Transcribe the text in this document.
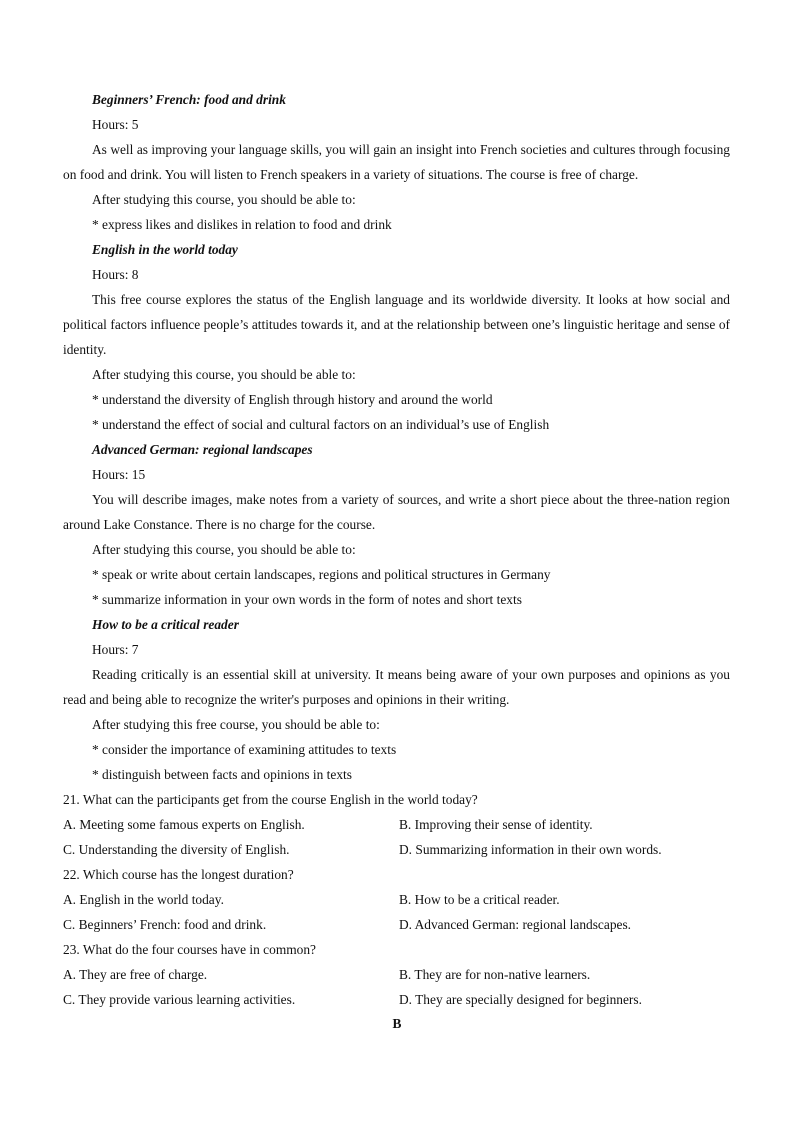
Beginners’ French: food and drink
Hours: 5
As well as improving your language skills, you will gain an insight into French societies and cultures through focusing on food and drink. You will listen to French speakers in a variety of situations. The course is free of charge.
After studying this course, you should be able to:
* express likes and dislikes in relation to food and drink
English in the world today
Hours: 8
This free course explores the status of the English language and its worldwide diversity. It looks at how social and political factors influence people’s attitudes towards it, and at the relationship between one’s linguistic heritage and sense of identity.
After studying this course, you should be able to:
* understand the diversity of English through history and around the world
* understand the effect of social and cultural factors on an individual’s use of English
Advanced German: regional landscapes
Hours: 15
You will describe images, make notes from a variety of sources, and write a short piece about the three-nation region around Lake Constance. There is no charge for the course.
After studying this course, you should be able to:
* speak or write about certain landscapes, regions and political structures in Germany
* summarize information in your own words in the form of notes and short texts
How to be a critical reader
Hours: 7
Reading critically is an essential skill at university. It means being aware of your own purposes and opinions as you read and being able to recognize the writer's purposes and opinions in their writing.
After studying this free course, you should be able to:
* consider the importance of examining attitudes to texts
* distinguish between facts and opinions in texts
21. What can the participants get from the course English in the world today?
A. Meeting some famous experts on English.	B. Improving their sense of identity.
C. Understanding the diversity of English.	D. Summarizing information in their own words.
22. Which course has the longest duration?
A. English in the world today.	B. How to be a critical reader.
C. Beginners’ French: food and drink.	D. Advanced German: regional landscapes.
23. What do the four courses have in common?
A. They are free of charge.	B. They are for non-native learners.
C. They provide various learning activities.	D. They are specially designed for beginners.
B
